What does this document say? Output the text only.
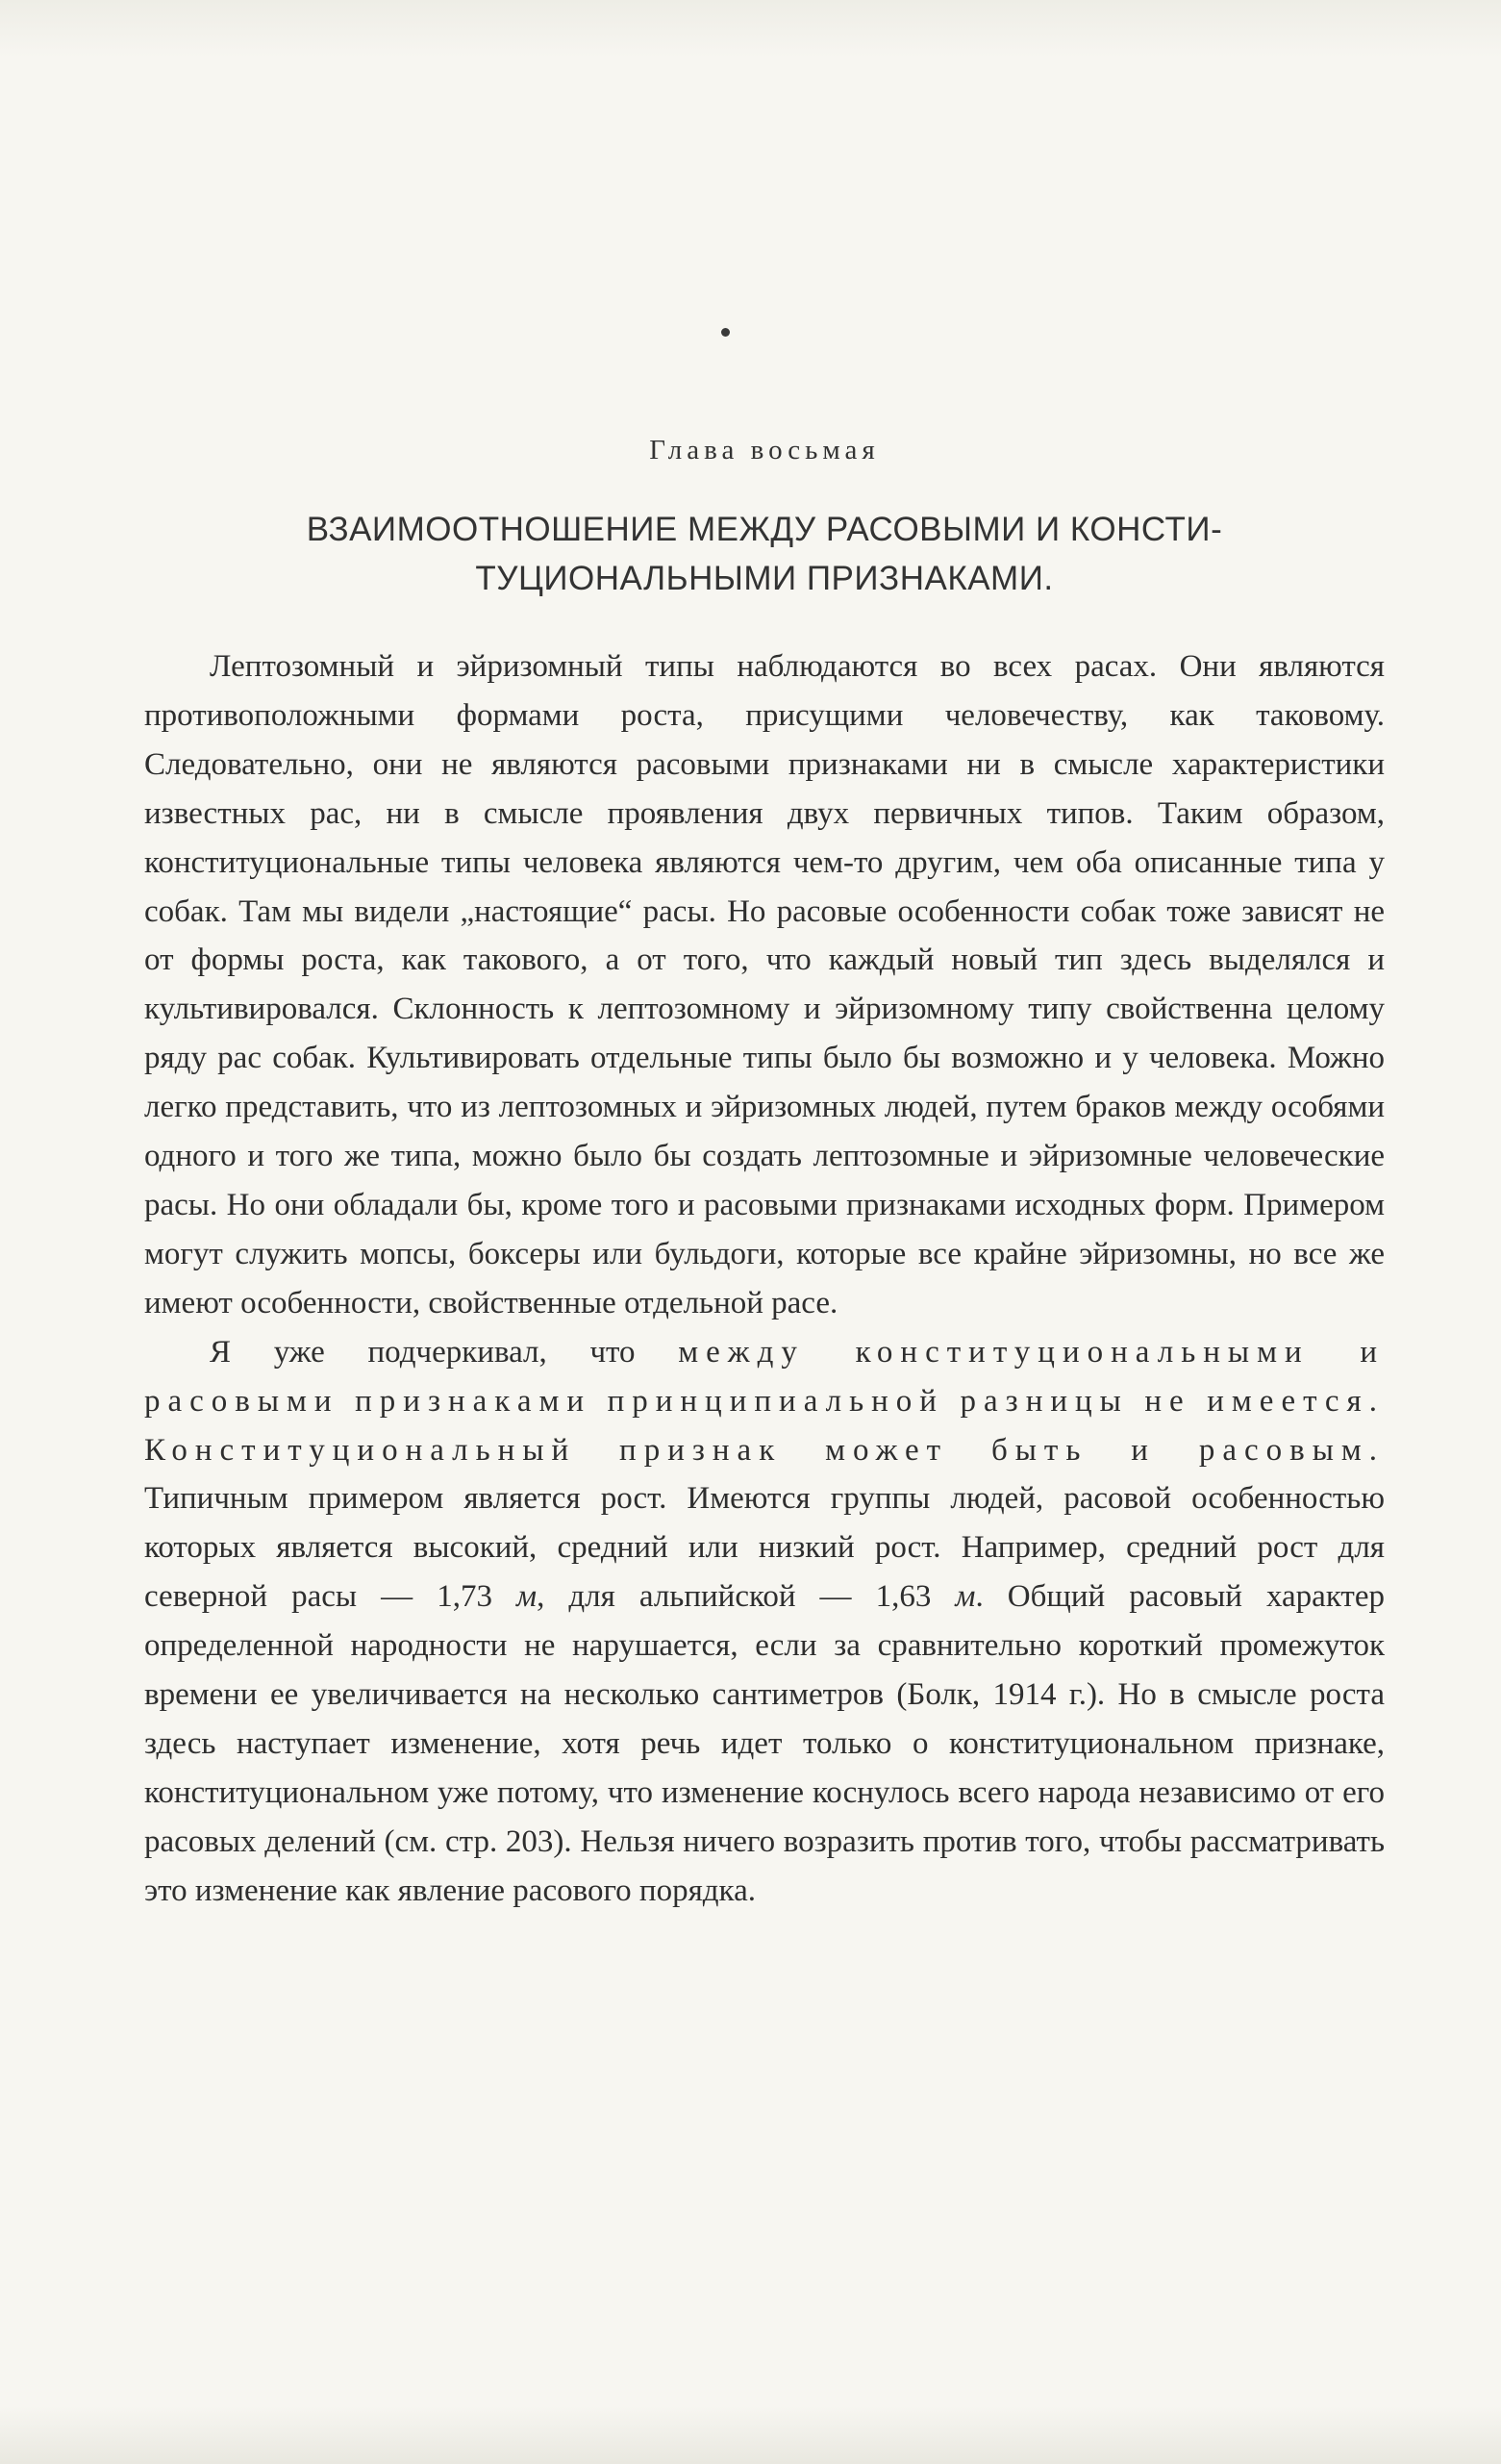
Глава восьмая
ВЗАИМООТНОШЕНИЕ МЕЖДУ РАСОВЫМИ И КОНСТИ-
ТУЦИОНАЛЬНЫМИ ПРИЗНАКАМИ.

Лептозомный и эйризомный типы наблюдаются во всех расах. Они являются противоположными формами роста, присущими человечеству, как таковому. Следовательно, они не являются расовыми признаками ни в смысле характеристики известных рас, ни в смысле проявления двух первичных типов. Таким образом, конституциональные типы человека являются чем-то другим, чем оба описанные типа у собак. Там мы видели „настоящие“ расы. Но расовые особенности собак тоже зависят не от формы роста, как такового, а от того, что каждый новый тип здесь выделялся и культивировался. Склонность к лептозомному и эйризомному типу свойственна целому ряду рас собак. Культивировать отдельные типы было бы возможно и у человека. Можно легко представить, что из лептозомных и эйризомных людей, путем браков между особями одного и того же типа, можно было бы создать лептозомные и эйризомные человеческие расы. Но они обладали бы, кроме того и расовыми признаками исходных форм. Примером могут служить мопсы, боксеры или бульдоги, которые все крайне эйризомны, но все же имеют особенности, свойственные отдельной расе.

Я уже подчеркивал, что между конституциональными и расовыми признаками принципиальной разницы не имеется. Конституциональный признак может быть и расовым. Типичным примером является рост. Имеются группы людей, расовой особенностью которых является высокий, средний или низкий рост. Например, средний рост для северной расы — 1,73 м, для альпийской — 1,63 м. Общий расовый характер определенной народности не нарушается, если за сравнительно короткий промежуток времени ее увеличивается на несколько сантиметров (Болк, 1914 г.). Но в смысле роста здесь наступает изменение, хотя речь идет только о конституциональном признаке, конституциональном уже потому, что изменение коснулось всего народа независимо от его расовых делений (см. стр. 203). Нельзя ничего возразить против того, чтобы рассматривать это изменение как явление расового порядка.
